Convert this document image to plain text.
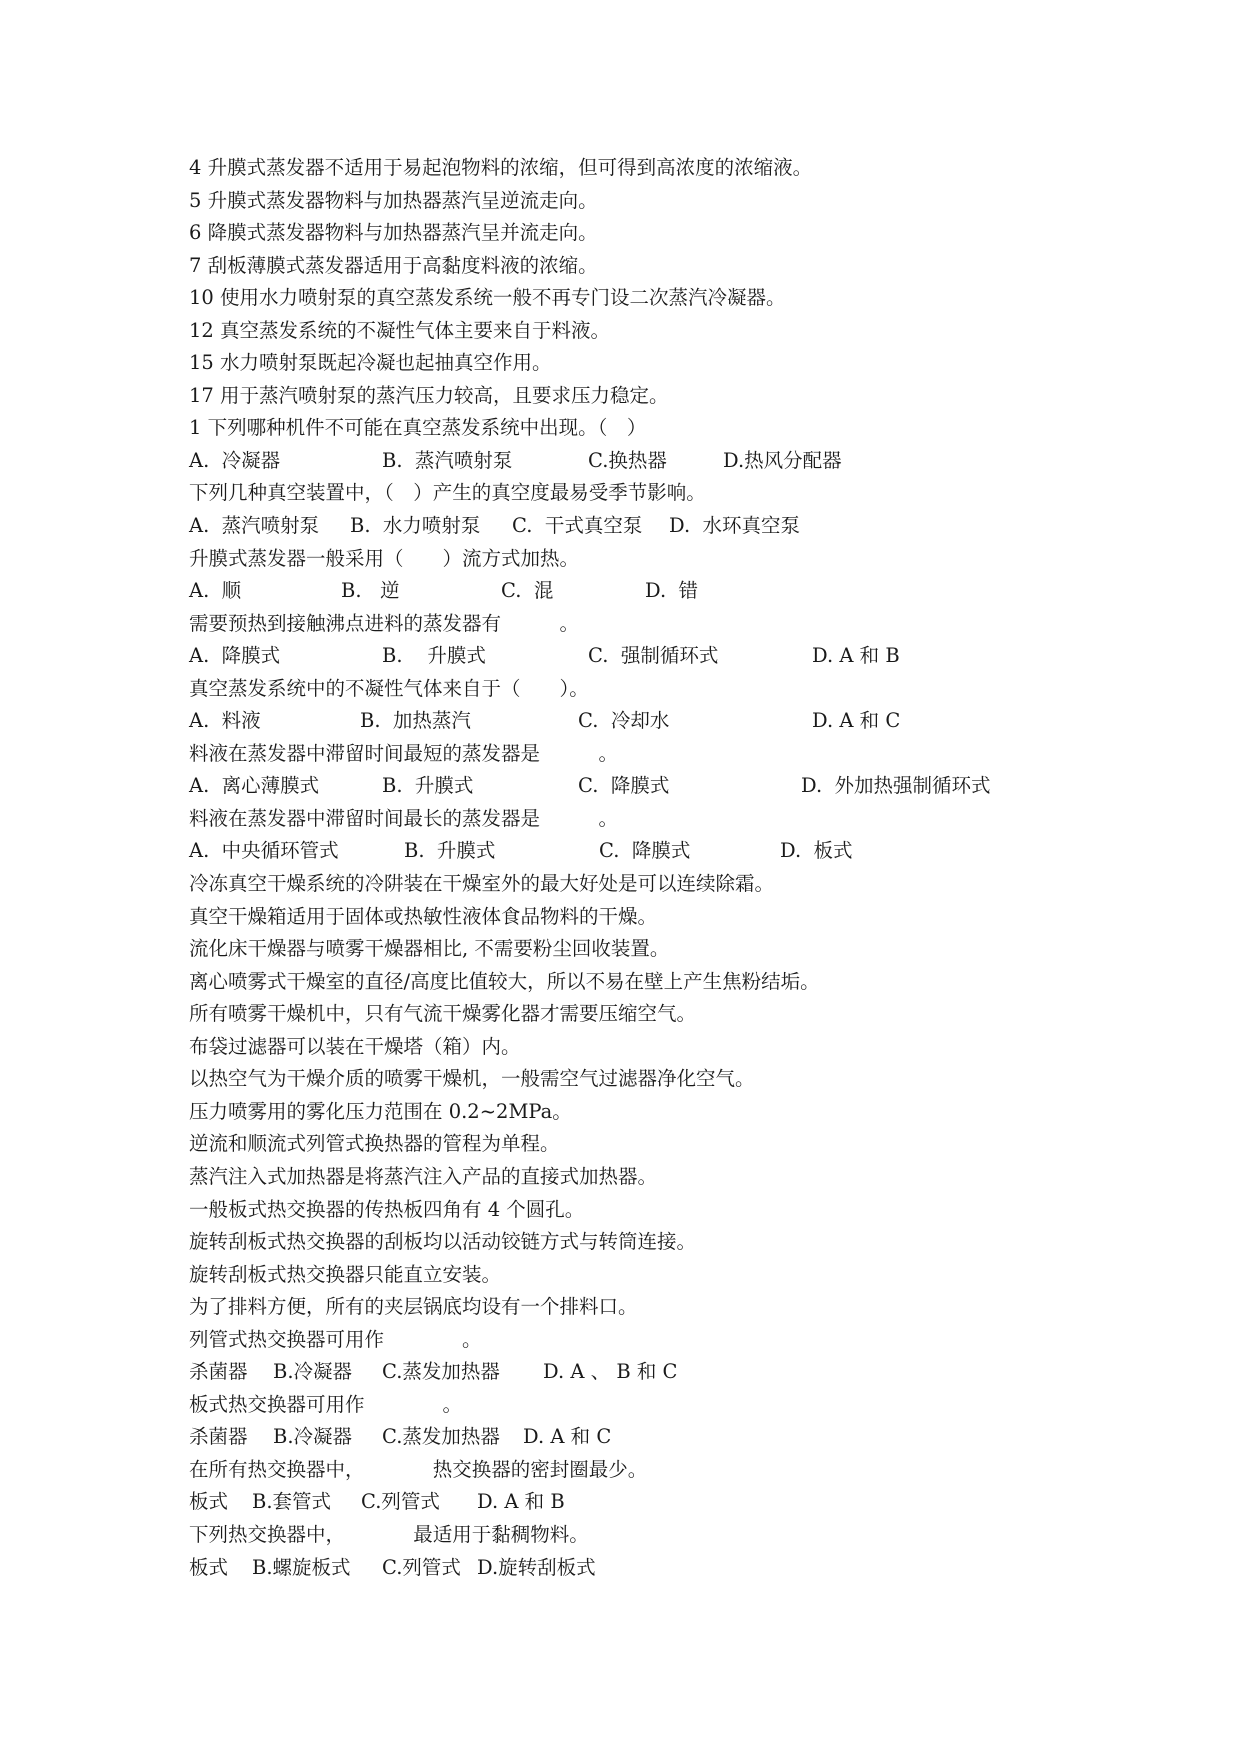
4 升膜式蒸发器不适用于易起泡物料的浓缩，但可得到高浓度的浓缩液。
5 升膜式蒸发器物料与加热器蒸汽呈逆流走向。
6 降膜式蒸发器物料与加热器蒸汽呈并流走向。
7 刮板薄膜式蒸发器适用于高黏度料液的浓缩。
10 使用水力喷射泵的真空蒸发系统一般不再专门设二次蒸汽冷凝器。
12 真空蒸发系统的不凝性气体主要来自于料液。
15 水力喷射泵既起冷凝也起抽真空作用。
17 用于蒸汽喷射泵的蒸汽压力较高，且要求压力稳定。
1 下列哪种机件不可能在真空蒸发系统中出现。（　）

A.  冷凝器

	B.  蒸汽喷射泵

	C.换热器

	D.热风分配器

下列几种真空装置中，（　）产生的真空度最易受季节影响。

A.  蒸汽喷射泵

B.  水力喷射泵

C.  干式真空泵

D.  水环真空泵

升膜式蒸发器一般采用（　　）流方式加热。

A.  顺

	B.   逆

	C.  混

	D.  错

需要预热到接触沸点进料的蒸发器有　　　。

A.  降膜式

	B.    升膜式

	C.  强制循环式

	D. A 和 B

真空蒸发系统中的不凝性气体来自于（　　）。

A.  料液

	B.  加热蒸汽

	C.  冷却水

	D. A 和 C

料液在蒸发器中滞留时间最短的蒸发器是　　　。

A.  离心薄膜式

	B.  升膜式

	C.  降膜式

	D.  外加热强制循环式

料液在蒸发器中滞留时间最长的蒸发器是　　　。

A.  中央循环管式

	B.  升膜式

	C.  降膜式

	D.  板式

冷冻真空干燥系统的冷阱装在干燥室外的最大好处是可以连续除霜。
真空干燥箱适用于固体或热敏性液体食品物料的干燥。
流化床干燥器与喷雾干燥器相比, 不需要粉尘回收装置。
离心喷雾式干燥室的直径/高度比值较大，所以不易在壁上产生焦粉结垢。
所有喷雾干燥机中，只有气流干燥雾化器才需要压缩空气。
布袋过滤器可以装在干燥塔（箱）内。
以热空气为干燥介质的喷雾干燥机，一般需空气过滤器净化空气。
压力喷雾用的雾化压力范围在 0.2~2MPa。
逆流和顺流式列管式换热器的管程为单程。
蒸汽注入式加热器是将蒸汽注入产品的直接式加热器。
一般板式热交换器的传热板四角有 4 个圆孔。
旋转刮板式热交换器的刮板均以活动铰链方式与转筒连接。
旋转刮板式热交换器只能直立安装。
为了排料方便，所有的夹层锅底均设有一个排料口。
列管式热交换器可用作　　　　。

杀菌器

B.冷凝器

C.蒸发加热器

D. A 、 B 和 C

板式热交换器可用作　　　　。

杀菌器

B.冷凝器

C.蒸发加热器

D. A 和 C

在所有热交换器中，　　　　热交换器的密封圈最少。

板式

B.套管式

C.列管式

D. A 和 B

下列热交换器中，　　　　最适用于黏稠物料。

板式

B.螺旋板式

C.列管式

D.旋转刮板式
